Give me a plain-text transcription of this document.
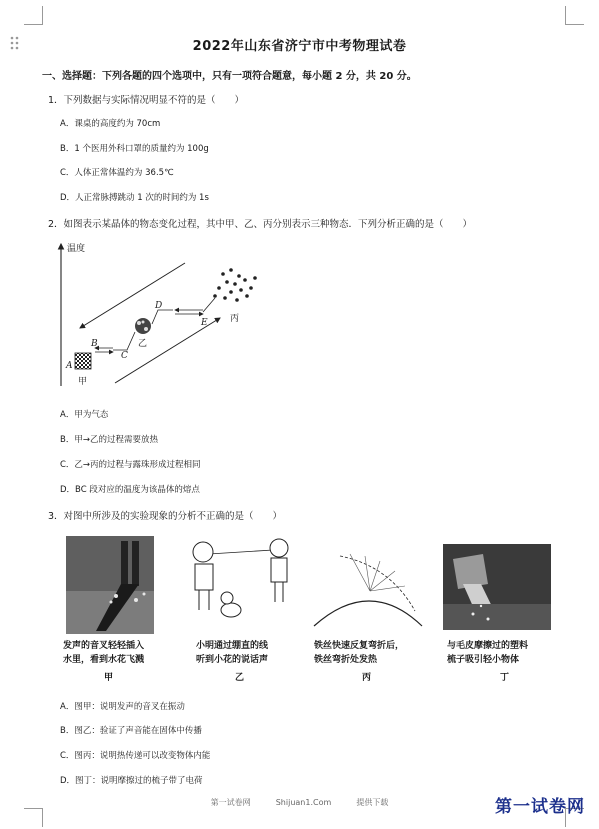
2022年山东省济宁市中考物理试卷
一、选择题：下列各题的四个选项中，只有一项符合题意，每小题 2 分，共 20 分。
1．下列数据与实际情况明显不符的是（　　）
A．课桌的高度约为 70cm
B．1 个医用外科口罩的质量约为 100g
C．人体正常体温约为 36.5℃
D．人正常脉搏跳动 1 次的时间约为 1s
2．如图表示某晶体的物态变化过程，其中甲、乙、丙分别表示三种物态．下列分析正确的是（　　）
A
B
C
D
E
温度
甲
乙
丙
A．甲为气态
B．甲→乙的过程需要放热
C．乙→丙的过程与露珠形成过程相同
D．BC 段对应的温度为该晶体的熔点
3．对图中所涉及的实验现象的分析不正确的是（　　）
发声的音叉轻轻插入
水里，看到水花飞溅
甲
小明通过绷直的线
听到小花的说话声
乙
铁丝快速反复弯折后，
铁丝弯折处发热
丙
与毛皮摩擦过的塑料
梳子吸引轻小物体
丁
A．图甲：说明发声的音叉在振动
B．图乙：验证了声音能在固体中传播
C．图丙：说明热传递可以改变物体内能
D．图丁：说明摩擦过的梳子带了电荷
第一试卷网	Shijuan1.Com	提供下载	第一试卷网
